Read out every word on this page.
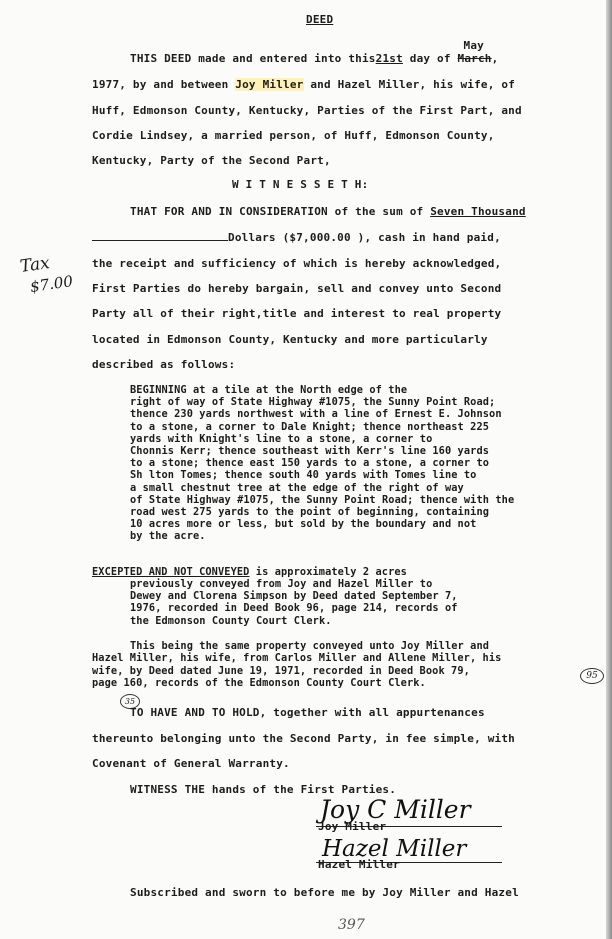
DEED
THIS DEED made and entered into this21st day of March
May
,
1977, by and between Joy Miller and Hazel Miller, his wife, of
Huff, Edmonson County, Kentucky, Parties of the First Part, and
Cordie Lindsey, a married person, of Huff, Edmonson County,
Kentucky, Party of the Second Part,
W I T N E S S E T H:
THAT FOR AND IN CONSIDERATION of the sum of Seven Thousand
Dollars ($7,000.00 ), cash in hand paid,
the receipt and sufficiency of which is hereby acknowledged,
First Parties do hereby bargain, sell and convey unto Second
Party all of their right,title and interest to real property
located in Edmonson County, Kentucky and more particularly
described as follows:
Tax
$7.00
BEGINNING at a tile at the North edge of the
right of way of State Highway #1075, the Sunny Point Road;
thence 230 yards northwest with a line of Ernest E. Johnson
to a stone, a corner to Dale Knight; thence northeast 225
yards with Knight's line to a stone, a corner to
Chonnis Kerr; thence southeast with Kerr's line 160 yards
to a stone; thence east 150 yards to a stone, a corner to
Sh lton Tomes; thence south 40 yards with Tomes line to
a small chestnut tree at the edge of the right of way
of State Highway #1075, the Sunny Point Road; thence with the
road west 275 yards to the point of beginning, containing
10 acres more or less, but sold by the boundary and not
by the acre.
EXCEPTED AND NOT CONVEYED is approximately 2 acres
previously conveyed from Joy and Hazel Miller to
Dewey and Clorena Simpson by Deed dated September 7,
1976, recorded in Deed Book 96, page 214, records of
the Edmonson County Court Clerk.
This being the same property conveyed unto Joy Miller and
Hazel Miller, his wife, from Carlos Miller and Allene Miller, his
wife, by Deed dated June 19, 1971, recorded in Deed Book 79,
page 160, records of the Edmonson County Court Clerk.
95
35
TO HAVE AND TO HOLD, together with all appurtenances
thereunto belonging unto the Second Party, in fee simple, with
Covenant of General Warranty.
WITNESS THE hands of the First Parties.
Joy C Miller
Joy Miller
Hazel Miller
Hazel Miller
Subscribed and sworn to before me by Joy Miller and Hazel
397
